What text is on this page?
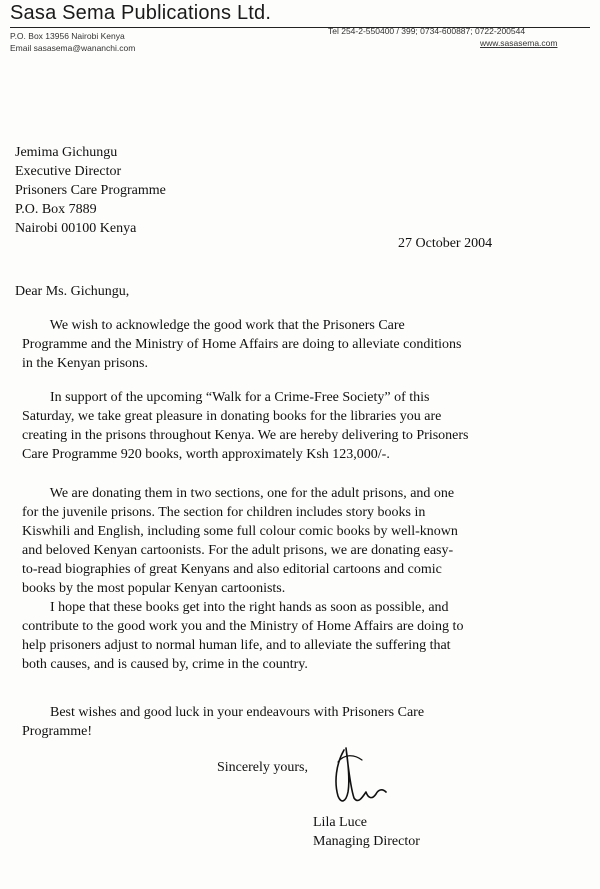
Sasa Sema Publications Ltd.
P.O. Box 13956 Nairobi Kenya
Email sasasema@wananchi.com
Tel 254-2-550400 / 399; 0734-600887; 0722-200544
www.sasasema.com
Jemima Gichungu
Executive Director
Prisoners Care Programme
P.O. Box 7889
Nairobi 00100 Kenya
27 October 2004
Dear Ms. Gichungu,
We wish to acknowledge the good work that the Prisoners Care
Programme and the Ministry of Home Affairs are doing to alleviate conditions
in the Kenyan prisons.
In support of the upcoming “Walk for a Crime-Free Society” of this
Saturday, we take great pleasure in donating books for the libraries you are
creating in the prisons throughout Kenya. We are hereby delivering to Prisoners
Care Programme 920 books, worth approximately Ksh 123,000/-.
We are donating them in two sections, one for the adult prisons, and one
for the juvenile prisons. The section for children includes story books in
Kiswhili and English, including some full colour comic books by well-known
and beloved Kenyan cartoonists. For the adult prisons, we are donating easy-
to-read biographies of great Kenyans and also editorial cartoons and comic
books by the most popular Kenyan cartoonists.
I hope that these books get into the right hands as soon as possible, and
contribute to the good work you and the Ministry of Home Affairs are doing to
help prisoners adjust to normal human life, and to alleviate the suffering that
both causes, and is caused by, crime in the country.
Best wishes and good luck in your endeavours with Prisoners Care
Programme!
Sincerely yours,
Lila Luce
Managing Director
